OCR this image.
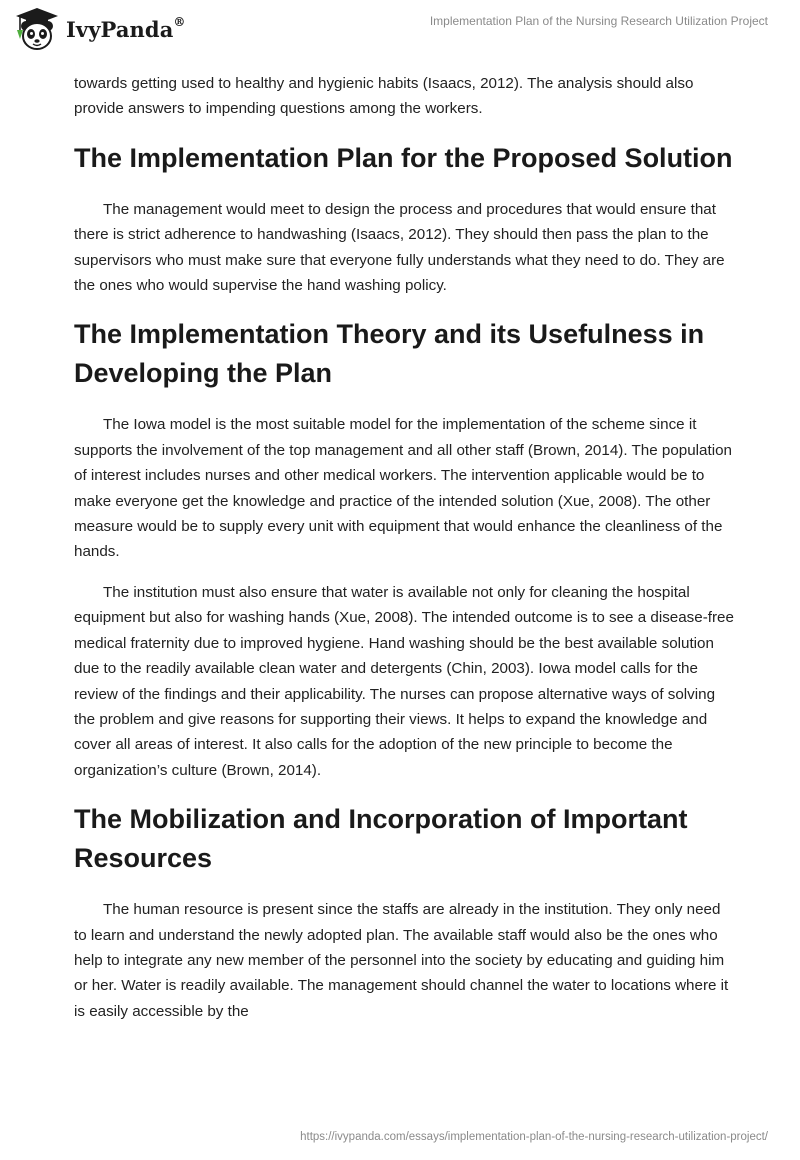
IvyPanda®	Implementation Plan of the Nursing Research Utilization Project

towards getting used to healthy and hygienic habits (Isaacs, 2012). The analysis should also provide answers to impending questions among the workers.

The Implementation Plan for the Proposed Solution

The management would meet to design the process and procedures that would ensure that there is strict adherence to handwashing (Isaacs, 2012). They should then pass the plan to the supervisors who must make sure that everyone fully understands what they need to do. They are the ones who would supervise the hand washing policy.

The Implementation Theory and its Usefulness in Developing the Plan

The Iowa model is the most suitable model for the implementation of the scheme since it supports the involvement of the top management and all other staff (Brown, 2014). The population of interest includes nurses and other medical workers. The intervention applicable would be to make everyone get the knowledge and practice of the intended solution (Xue, 2008). The other measure would be to supply every unit with equipment that would enhance the cleanliness of the hands.

The institution must also ensure that water is available not only for cleaning the hospital equipment but also for washing hands (Xue, 2008). The intended outcome is to see a disease-free medical fraternity due to improved hygiene. Hand washing should be the best available solution due to the readily available clean water and detergents (Chin, 2003). Iowa model calls for the review of the findings and their applicability. The nurses can propose alternative ways of solving the problem and give reasons for supporting their views. It helps to expand the knowledge and cover all areas of interest. It also calls for the adoption of the new principle to become the organization’s culture (Brown, 2014).

The Mobilization and Incorporation of Important Resources

The human resource is present since the staffs are already in the institution. They only need to learn and understand the newly adopted plan. The available staff would also be the ones who help to integrate any new member of the personnel into the society by educating and guiding him or her. Water is readily available. The management should channel the water to locations where it is easily accessible by the

https://ivypanda.com/essays/implementation-plan-of-the-nursing-research-utilization-project/
